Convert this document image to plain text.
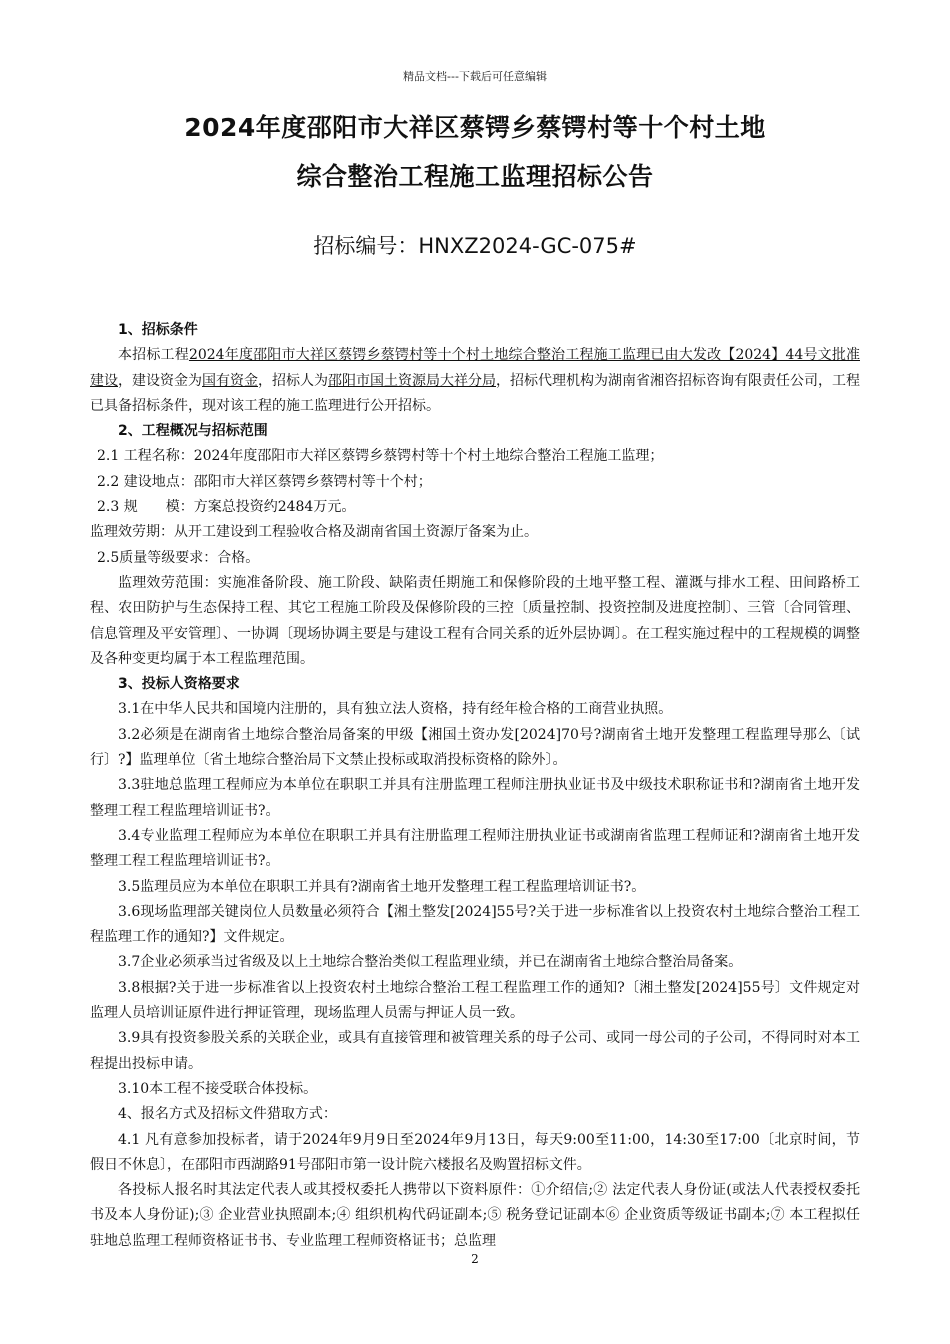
精品文档---下载后可任意编辑
2024年度邵阳市大祥区蔡锷乡蔡锷村等十个村土地
综合整治工程施工监理招标公告
招标编号：HNXZ2024-GC-075#

1、招标条件

本招标工程2024年度邵阳市大祥区蔡锷乡蔡锷村等十个村土地综合整治工程施工监理已由大发改【2024】44号文批准建设，建设资金为国有资金，招标人为邵阳市国土资源局大祥分局，招标代理机构为湖南省湘咨招标咨询有限责任公司，工程已具备招标条件，现对该工程的施工监理进行公开招标。

2、工程概况与招标范围

2.1 工程名称：2024年度邵阳市大祥区蔡锷乡蔡锷村等十个村土地综合整治工程施工监理；

2.2 建设地点：邵阳市大祥区蔡锷乡蔡锷村等十个村；

2.3 规　　模：方案总投资约2484万元。

监理效劳期：从开工建设到工程验收合格及湖南省国土资源厅备案为止。

2.5质量等级要求：合格。

监理效劳范围：实施准备阶段、施工阶段、缺陷责任期施工和保修阶段的土地平整工程、灌溉与排水工程、田间路桥工程、农田防护与生态保持工程、其它工程施工阶段及保修阶段的三控〔质量控制、投资控制及进度控制〕、三管〔合同管理、信息管理及平安管理〕、一协调〔现场协调主要是与建设工程有合同关系的近外层协调〕。在工程实施过程中的工程规模的调整及各种变更均属于本工程监理范围。

3、投标人资格要求

3.1在中华人民共和国境内注册的，具有独立法人资格，持有经年检合格的工商营业执照。

3.2必须是在湖南省土地综合整治局备案的甲级【湘国土资办发[2024]70号?湖南省土地开发整理工程监理导那么〔试行〕?】监理单位〔省土地综合整治局下文禁止投标或取消投标资格的除外〕。

3.3驻地总监理工程师应为本单位在职职工并具有注册监理工程师注册执业证书及中级技术职称证书和?湖南省土地开发整理工程工程监理培训证书?。

3.4专业监理工程师应为本单位在职职工并具有注册监理工程师注册执业证书或湖南省监理工程师证和?湖南省土地开发整理工程工程监理培训证书?。

3.5监理员应为本单位在职职工并具有?湖南省土地开发整理工程工程监理培训证书?。

3.6现场监理部关键岗位人员数量必须符合【湘土整发[2024]55号?关于进一步标准省以上投资农村土地综合整治工程工程监理工作的通知?】文件规定。

3.7企业必须承当过省级及以上土地综合整治类似工程监理业绩，并已在湖南省土地综合整治局备案。

3.8根据?关于进一步标准省以上投资农村土地综合整治工程工程监理工作的通知?〔湘土整发[2024]55号〕文件规定对监理人员培训证原件进行押证管理，现场监理人员需与押证人员一致。

3.9具有投资参股关系的关联企业，或具有直接管理和被管理关系的母子公司、或同一母公司的子公司，不得同时对本工程提出投标申请。

3.10本工程不接受联合体投标。

4、报名方式及招标文件猎取方式：

4.1 凡有意参加投标者，请于2024年9月9日至2024年9月13日，每天9:00至11:00，14:30至17:00〔北京时间，节假日不休息〕，在邵阳市西湖路91号邵阳市第一设计院六楼报名及购置招标文件。

各投标人报名时其法定代表人或其授权委托人携带以下资料原件：①介绍信;② 法定代表人身份证(或法人代表授权委托书及本人身份证);③ 企业营业执照副本;④ 组织机构代码证副本;⑤ 税务登记证副本⑥ 企业资质等级证书副本;⑦ 本工程拟任驻地总监理工程师资格证书书、专业监理工程师资格证书；总监理

2
